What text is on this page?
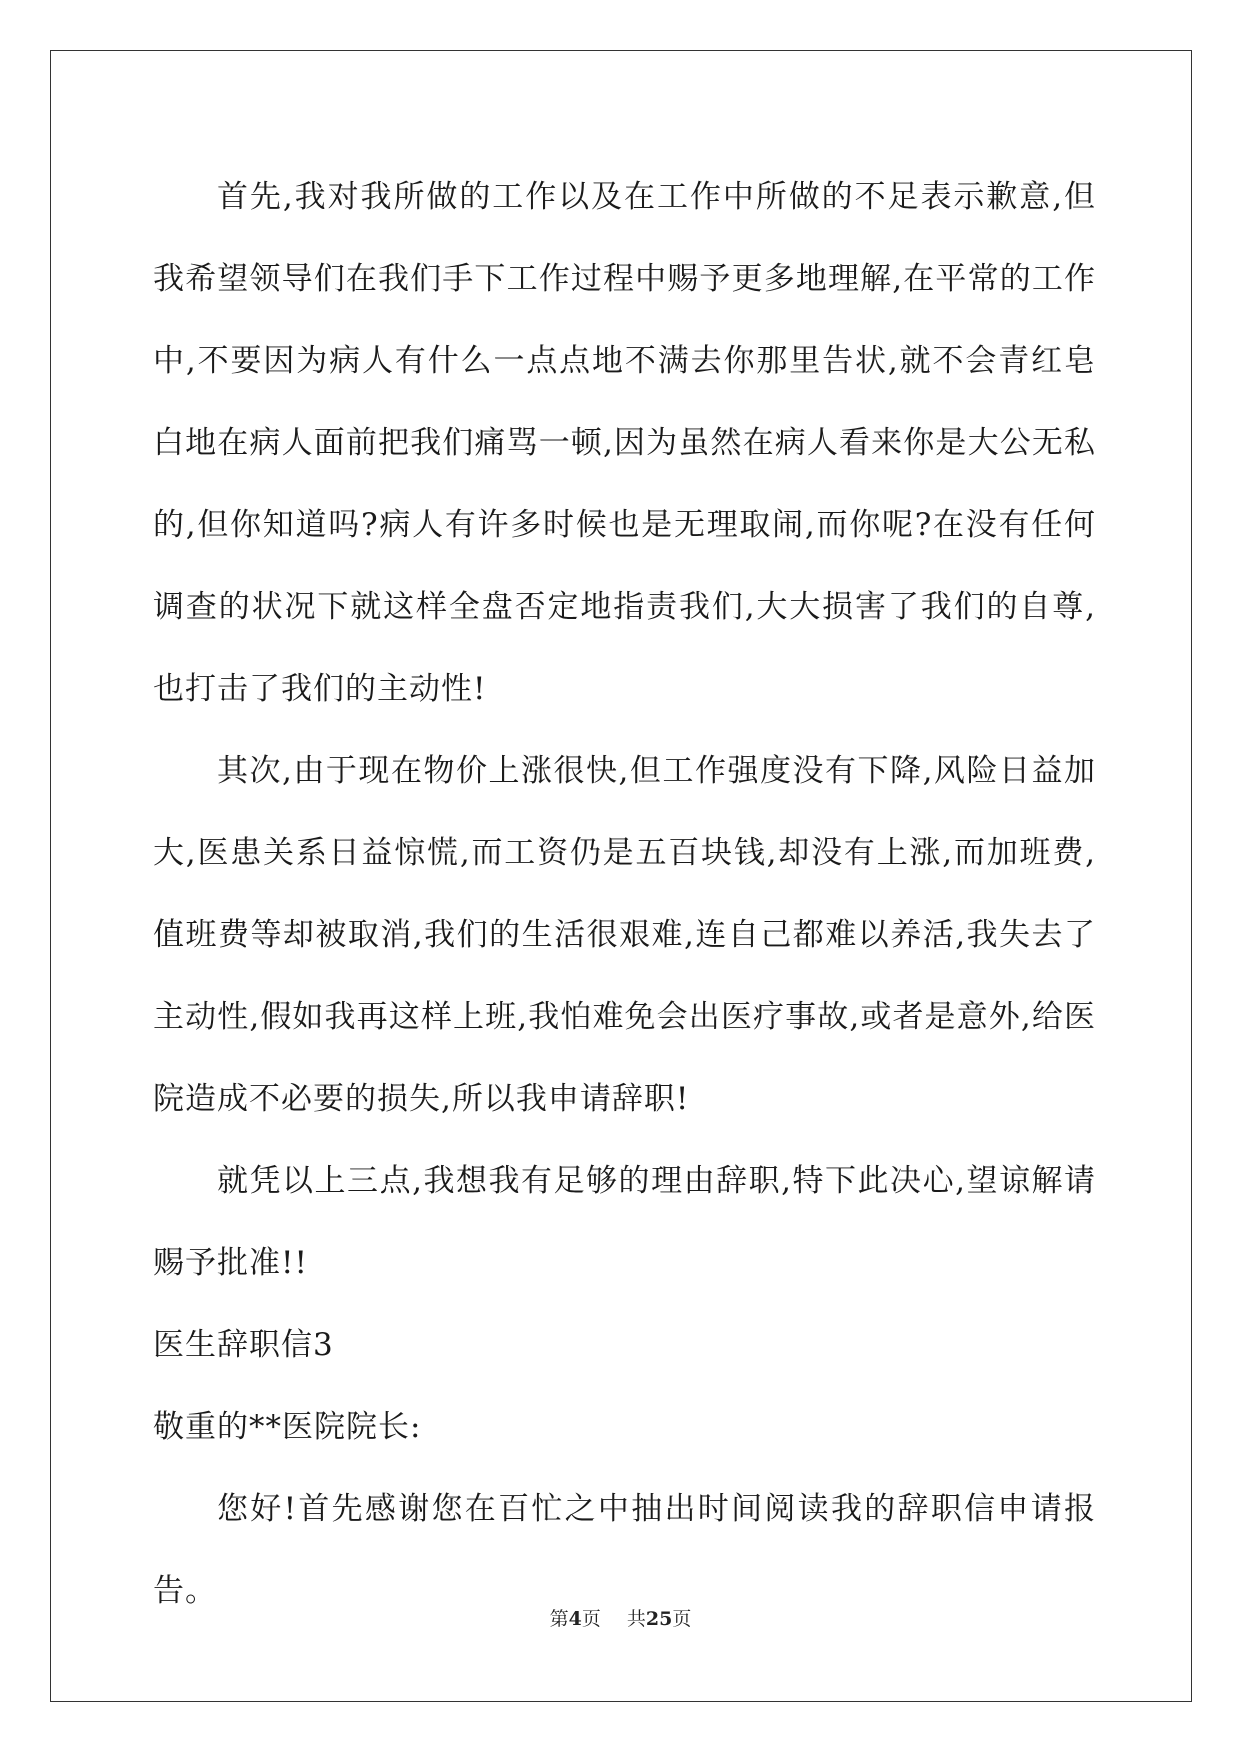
首先,我对我所做的工作以及在工作中所做的不足表示歉意,但我希望领导们在我们手下工作过程中赐予更多地理解,在平常的工作中,不要因为病人有什么一点点地不满去你那里告状,就不会青红皂白地在病人面前把我们痛骂一顿,因为虽然在病人看来你是大公无私的,但你知道吗?病人有许多时候也是无理取闹,而你呢?在没有任何调查的状况下就这样全盘否定地指责我们,大大损害了我们的自尊,也打击了我们的主动性!

其次,由于现在物价上涨很快,但工作强度没有下降,风险日益加大,医患关系日益惊慌,而工资仍是五百块钱,却没有上涨,而加班费,值班费等却被取消,我们的生活很艰难,连自己都难以养活,我失去了主动性,假如我再这样上班,我怕难免会出医疗事故,或者是意外,给医院造成不必要的损失,所以我申请辞职!

就凭以上三点,我想我有足够的理由辞职,特下此决心,望谅解请赐予批准!!

医生辞职信3

敬重的**医院院长:

您好!首先感谢您在百忙之中抽出时间阅读我的辞职信申请报告。

第4页 共25页
